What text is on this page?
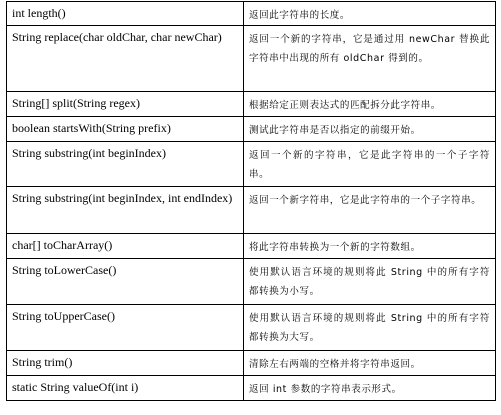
int length()	返回此字符串的长度。
String replace(char oldChar, char newChar)	返回一个新的字符串，它是通过用 newChar 替换此字符串中出现的所有 oldChar 得到的。
String[] split(String regex)	根据给定正则表达式的匹配拆分此字符串。
boolean startsWith(String prefix)	测试此字符串是否以指定的前缀开始。
String substring(int beginIndex)	返回一个新的字符串，它是此字符串的一个子字符串。
String substring(int beginIndex, int endIndex)	返回一个新字符串，它是此字符串的一个子字符串。
char[] toCharArray()	将此字符串转换为一个新的字符数组。
String toLowerCase()	使用默认语言环境的规则将此 String 中的所有字符都转换为小写。
String toUpperCase()	使用默认语言环境的规则将此 String 中的所有字符都转换为大写。
String trim()	清除左右两端的空格并将字符串返回。
static String valueOf(int i)	返回 int 参数的字符串表示形式。
